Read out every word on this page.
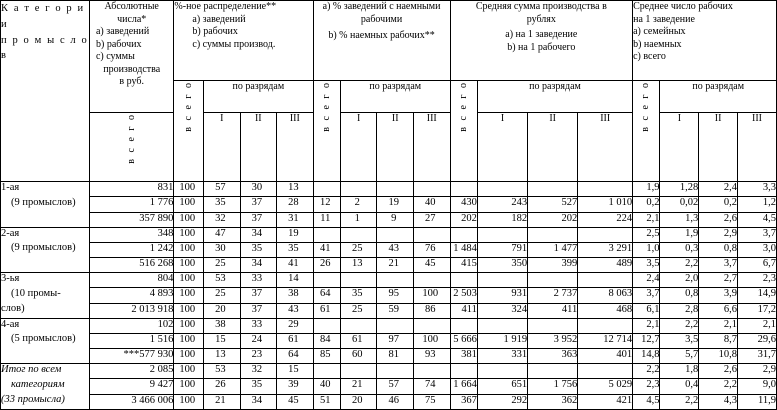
К а т е г о р и и
п р о м ы с л о в

Абсолютные
числа*
a) заведений
b) рабочих
c) суммы
производства
в руб.

%-ное распределение**
a) заведений
b) рабочих
c) суммы производ.

а) % заведений с наемными
рабочими
b) % наемных рабочих**

Средняя сумма производства в
рублях
а) на 1 заведение
b) на 1 рабочего

Среднее число рабочих
на 1 заведение
а) семейных
b) наемных
c) всего

		в с е г о	по разрядам			в с е г о	по разрядам			в с е г о	по разрядам			в с е г о	по разрядам		
	в с е г о		I	II	III		I	II	III		I	II	III		I	II	III
1-ая	831	100	57	30	13									1,9	1,28	2,4	3,3
(9 промыслов)	1 776	100	35	37	28	12	2	19	40	430	243	527	1 010	0,2	0,02	0,2	1,2
	357 890	100	32	37	31	11	1	9	27	202	182	202	224	2,1	1,3	2,6	4,5
2-ая	348	100	47	34	19									2,5	1,9	2,9	3,7
(9 промыслов)	1 242	100	30	35	35	41	25	43	76	1 484	791	1 477	3 291	1,0	0,3	0,8	3,0
	516 268	100	25	34	41	26	13	21	45	415	350	399	489	3,5	2,2	3,7	6,7
3-ья	804	100	53	33	14									2,4	2,0	2,7	2,3
(10 промы-	4 893	100	25	37	38	64	35	95	100	2 503	931	2 737	8 063	3,7	0,8	3,9	14,9
слов)	2 013 918	100	20	37	43	61	25	59	86	411	324	411	468	6,1	2,8	6,6	17,2
4-ая	102	100	38	33	29									2,1	2,2	2,1	2,1
(5 промыслов)	1 516	100	15	24	61	84	61	97	100	5 666	1 919	3 952	12 714	12,7	3,5	8,7	29,6
	***577 930	100	13	23	64	85	60	81	93	381	331	363	401	14,8	5,7	10,8	31,7
Итог по всем	2 085	100	53	32	15									2,2	1,8	2,6	2,9
категориям	9 427	100	26	35	39	40	21	57	74	1 664	651	1 756	5 029	2,3	0,4	2,2	9,0
(33 промысла)	3 466 006	100	21	34	45	51	20	46	75	367	292	362	421	4,5	2,2	4,3	11,9
